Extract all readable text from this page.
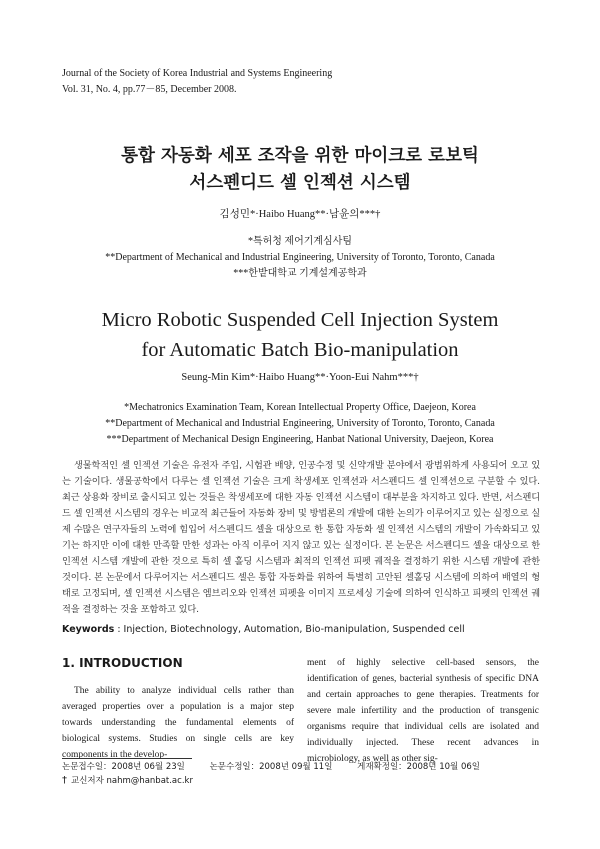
Journal of the Society of Korea Industrial and Systems Engineering
Vol. 31, No. 4, pp.77－85, December 2008.
통합 자동화 세포 조작을 위한 마이크로 로보틱
서스펜디드 셀 인젝션 시스템
김성민*·Haibo Huang**·남윤의***†
*특허청 제어기계심사팀
**Department of Mechanical and Industrial Engineering, University of Toronto, Toronto, Canada
***한밭대학교 기계설계공학과
Micro Robotic Suspended Cell Injection System
for Automatic Batch Bio-manipulation
Seung-Min Kim*·Haibo Huang**·Yoon-Eui Nahm***†
*Mechatronics Examination Team, Korean Intellectual Property Office, Daejeon, Korea
**Department of Mechanical and Industrial Engineering, University of Toronto, Toronto, Canada
***Department of Mechanical Design Engineering, Hanbat National University, Daejeon, Korea
생물학적인 셀 인젝션 기술은 유전자 주입, 시험관 배양, 인공수정 및 신약개발 분야에서 광범위하게 사용되어 오고 있는 기술이다. 생물공학에서 다루는 셀 인젝션 기술은 크게 착생세포 인젝션과 서스펜디드 셀 인젝션으로 구분할 수 있다. 최근 상용화 장비로 출시되고 있는 것들은 착생세포에 대한 자동 인젝션 시스템이 대부분을 차지하고 있다. 반면, 서스펜디드 셀 인젝션 시스템의 경우는 비교적 최근들어 자동화 장비 및 방법론의 개발에 대한 논의가 이루어지고 있는 실정으로 실제 수많은 연구자들의 노력에 힘입어 서스펜디드 셀을 대상으로 한 통합 자동화 셀 인젝션 시스템의 개발이 가속화되고 있기는 하지만 이에 대한 만족할 만한 성과는 아직 이루어 지지 않고 있는 실정이다. 본 논문은 서스펜디드 셀을 대상으로 한 인젝션 시스템 개발에 관한 것으로 특히 셀 홀딩 시스템과 최적의 인젝션 피펫 궤적을 결정하기 위한 시스템 개발에 관한 것이다. 본 논문에서 다루어지는 서스펜디드 셀은 통합 자동화를 위하여 특별히 고안된 셀홀딩 시스템에 의하여 배열의 형태로 고정되며, 셀 인젝션 시스템은 엠브리오와 인젝션 피펫을 이미지 프로세싱 기술에 의하여 인식하고 피펫의 인젝션 궤적을 결정하는 것을 포함하고 있다.
Keywords : Injection, Biotechnology, Automation, Bio-manipulation, Suspended cell
1. INTRODUCTION
The ability to analyze individual cells rather than averaged properties over a population is a major step towards understanding the fundamental elements of biological systems. Studies on single cells are key components in the develop-
ment of highly selective cell-based sensors, the identification of genes, bacterial synthesis of specific DNA and certain approaches to gene therapies. Treatments for severe male infertility and the production of transgenic organisms require that individual cells are isolated and individually injected. These recent advances in microbiology, as well as other sig-
논문접수일：2008년 06월 23일	논문수정일：2008년 09월 11일	게재확정일：2008년 10월 06일
† 교신저자 nahm@hanbat.ac.kr
